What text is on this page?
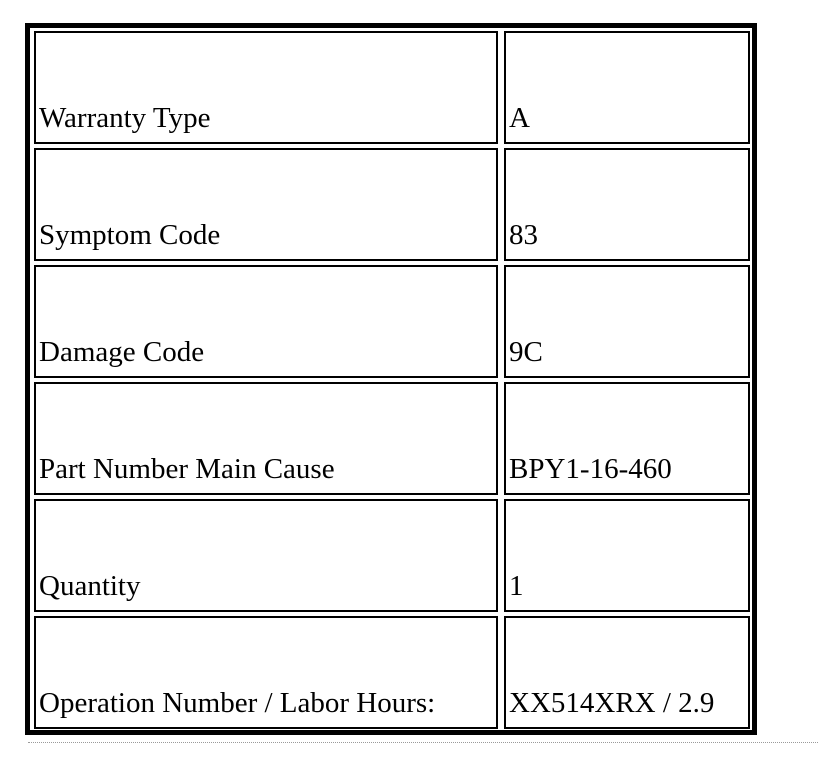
Warranty Type	A
Symptom Code	83
Damage Code	9C
Part Number Main Cause	BPY1-16-460
Quantity	1
Operation Number / Labor Hours:	XX514XRX / 2.9
